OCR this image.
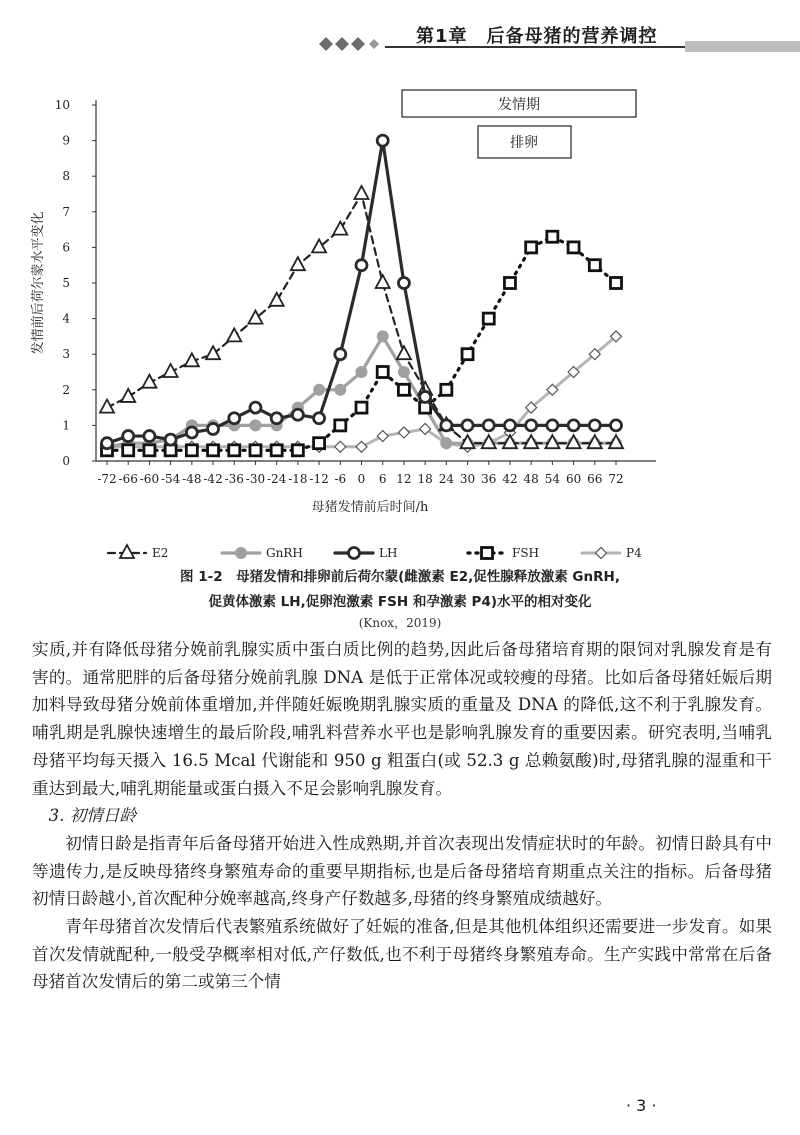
第1章　后备母猪的营养调控
0
1
2
3
4
5
6
7
8
9
10
-72 -66 -60 -54 -48 -42 -36 -30 -24 -18 -12 -6 0 6 12 18 24 30 36 42 48 54 60 66 72
母猪发情前后时间/h
发情前后荷尔蒙水平变化
发情期
排卵
E2	GnRH	LH	FSH	P4
图 1-2　母猪发情和排卵前后荷尔蒙(雌激素 E2,促性腺释放激素 GnRH,
促黄体激素 LH,促卵泡激素 FSH 和孕激素 P4)水平的相对变化
(Knox，2019)

实质,并有降低母猪分娩前乳腺实质中蛋白质比例的趋势,因此后备母猪培育期的限饲对乳腺发育是有害的。通常肥胖的后备母猪分娩前乳腺 DNA 是低于正常体况或较瘦的母猪。比如后备母猪妊娠后期加料导致母猪分娩前体重增加,并伴随妊娠晚期乳腺实质的重量及 DNA 的降低,这不利于乳腺发育。哺乳期是乳腺快速增生的最后阶段,哺乳料营养水平也是影响乳腺发育的重要因素。研究表明,当哺乳母猪平均每天摄入 16.5 Mcal 代谢能和 950 g 粗蛋白(或 52.3 g 总赖氨酸)时,母猪乳腺的湿重和干重达到最大,哺乳期能量或蛋白摄入不足会影响乳腺发育。

3. 初情日龄

初情日龄是指青年后备母猪开始进入性成熟期,并首次表现出发情症状时的年龄。初情日龄具有中等遗传力,是反映母猪终身繁殖寿命的重要早期指标,也是后备母猪培育期重点关注的指标。后备母猪初情日龄越小,首次配种分娩率越高,终身产仔数越多,母猪的终身繁殖成绩越好。

青年母猪首次发情后代表繁殖系统做好了妊娠的准备,但是其他机体组织还需要进一步发育。如果首次发情就配种,一般受孕概率相对低,产仔数低,也不利于母猪终身繁殖寿命。生产实践中常常在后备母猪首次发情后的第二或第三个情

· 3 ·
